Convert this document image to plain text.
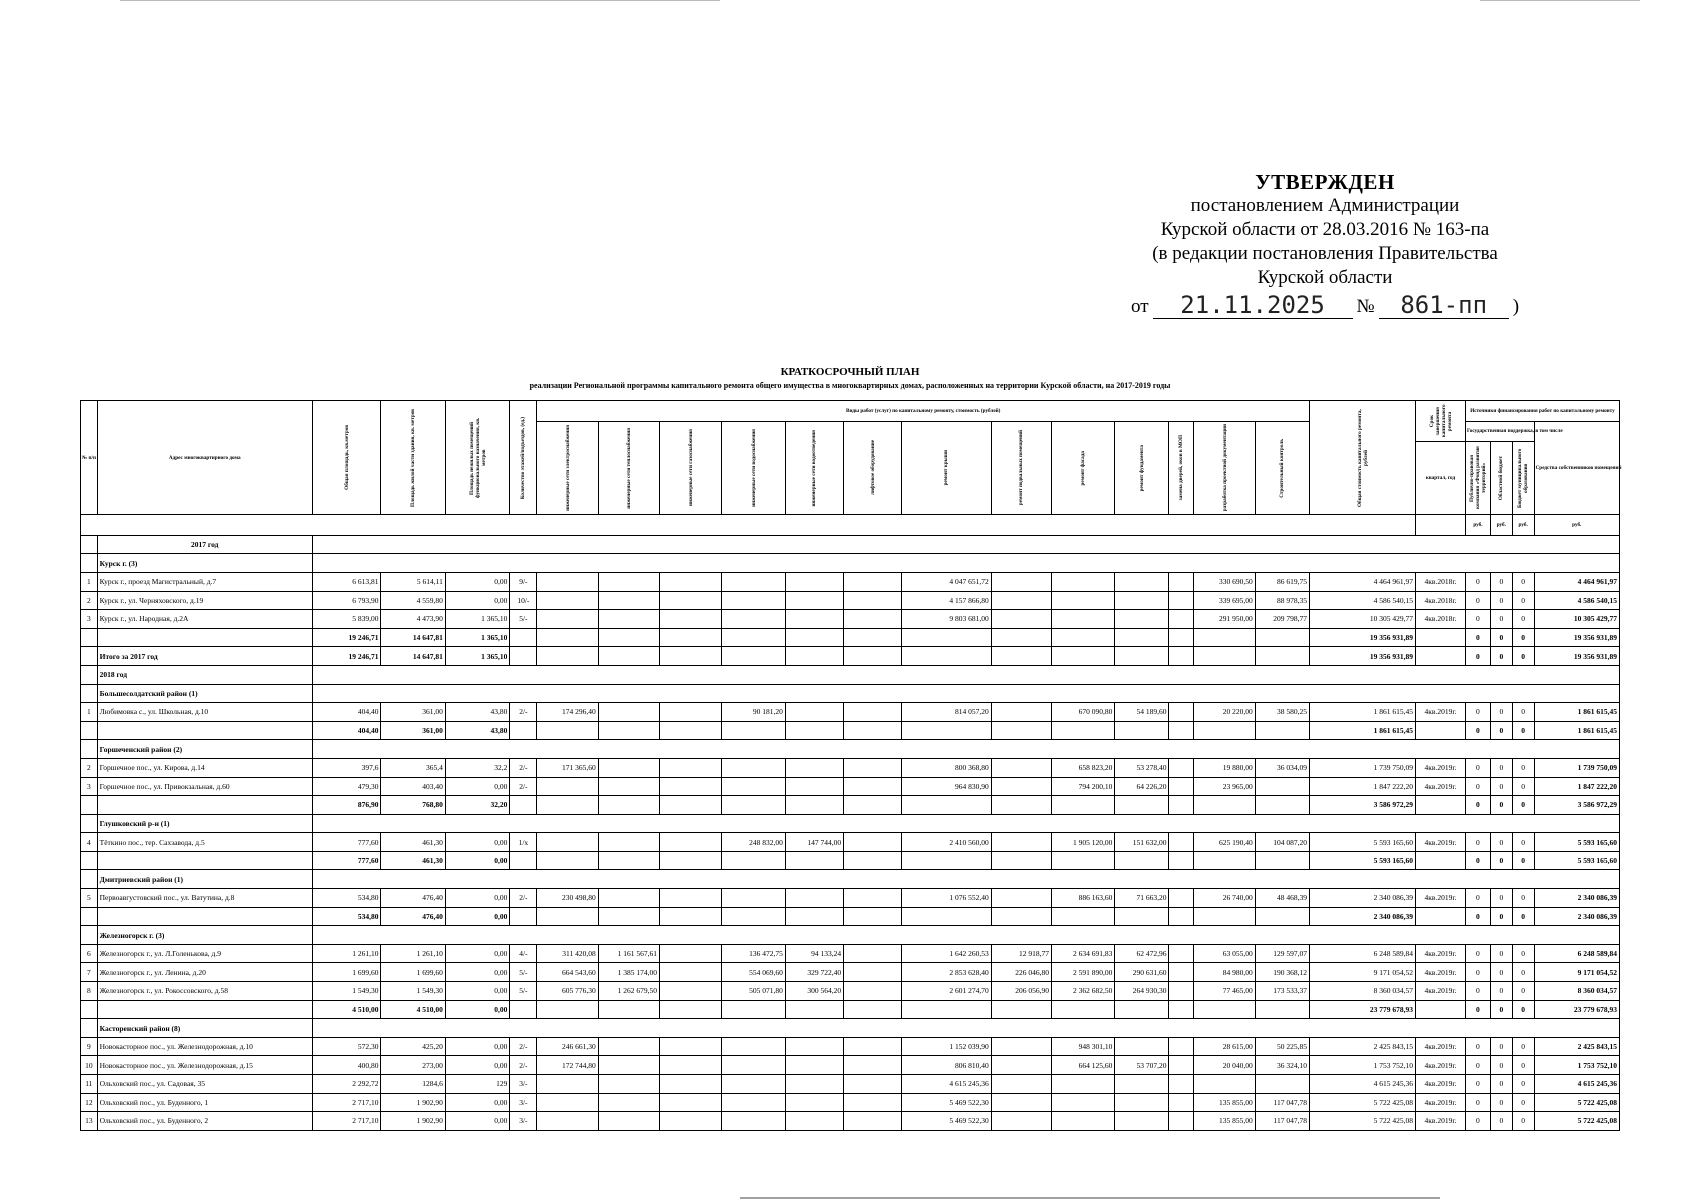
УТВЕРЖДЕН
постановлением Администрации
Курской области от 28.03.2016 № 163-па
(в редакции постановления Правительства
Курской области
от	21.11.2025	№	861-пп	)
КРАТКОСРОЧНЫЙ ПЛАН
реализации Региональной программы капитального ремонта общего имущества в многоквартирных домах, расположенных на территории Курской области, на 2017-2019 годы
№ п/п	Адрес многоквартирного дома	Общая площадь, кв.метров	Площадь жилой части здания, кв. метров	Площадь нежилых помещений функционального назначения, кв. метров	Количество этажей/подъездов, (ед.)	Виды работ (услуг) по капитальному ремонту, стоимость (рублей)													Общая стоимость капитального ремонта, рублей	Срок завершения капитального ремонта	Источники финансирования работ по капитальному ремонту			

						инженерные сети электроснабжения	инженерные сети теплоснабжения	инженерные сети газоснабжения	инженерные сети водоснабжения	инженерные сети водоотведения	лифтовое оборудование	ремонт крыши	ремонт подвальных помещений	ремонт фасада	ремонт фундамента	замена дверей, окон в МОП	разработка проектной документации	Строительный контроль			Государственная поддержка, в том числе			Средства собственников помещений
																				квартал, год	Публично-правовая компания «Фонд развития территорий»	Областной бюджет	Бюджет муниципального образования	

																					руб.	руб.	руб.	руб.
	2017 год																							
	Курск г. (3)																							
1	Курск г., проезд Магистральный, д.7	6 613,81	5 614,11	0,00	9/-							4 047 651,72					330 690,50	86 619,75	4 464 961,97	4кв.2018г.	0	0	0	4 464 961,97
2	Курск г., ул. Черняховского, д.19	6 793,90	4 559,80	0,00	10/-							4 157 866,80					339 695,00	88 978,35	4 586 540,15	4кв.2018г.	0	0	0	4 586 540,15
3	Курск г., ул. Народная, д.2А	5 839,00	4 473,90	1 365,10	5/-							9 803 681,00					291 950,00	209 798,77	10 305 429,77	4кв.2018г.	0	0	0	10 305 429,77
		19 246,71	14 647,81	1 365,10															19 356 931,89		0	0	0	19 356 931,89
	Итого за 2017 год	19 246,71	14 647,81	1 365,10															19 356 931,89		0	0	0	19 356 931,89
	2018 год																							
	Большесолдатский район (1)																							
1	Любимовка с., ул. Школьная, д.10	404,40	361,00	43,80	2/-	174 296,40			90 181,20			814 057,20		670 090,80	54 189,60		20 220,00	38 580,25	1 861 615,45	4кв.2019г.	0	0	0	1 861 615,45
		404,40	361,00	43,80															1 861 615,45		0	0	0	1 861 615,45
	Горшеченский район (2)																							
2	Горшечное пос., ул. Кирова, д.14	397,6	365,4	32,2	2/-	171 365,60						800 368,80		658 823,20	53 278,40		19 880,00	36 034,09	1 739 750,09	4кв.2019г.	0	0	0	1 739 750,09
3	Горшечное пос., ул. Привокзальная, д.60	479,30	403,40	0,00	2/-							964 830,90		794 200,10	64 226,20		23 965,00		1 847 222,20	4кв.2019г.	0	0	0	1 847 222,20
		876,90	768,80	32,20															3 586 972,29		0	0	0	3 586 972,29
	Глушковский р-н (1)																							
4	Тёткино пос., тер. Сахзавода, д.5	777,60	461,30	0,00	1/х				248 832,00	147 744,00		2 410 560,00		1 905 120,00	151 632,00		625 190,40	104 087,20	5 593 165,60	4кв.2019г.	0	0	0	5 593 165,60
		777,60	461,30	0,00															5 593 165,60		0	0	0	5 593 165,60
	Дмитриевский район (1)																							
5	Первоавгустовский пос., ул. Ватутина, д.8	534,80	476,40	0,00	2/-	230 498,80						1 076 552,40		886 163,60	71 663,20		26 740,00	48 468,39	2 340 086,39	4кв.2019г.	0	0	0	2 340 086,39
		534,80	476,40	0,00															2 340 086,39		0	0	0	2 340 086,39
	Железногорск г. (3)																							
6	Железногорск г., ул. Л.Голенькова, д.9	1 261,10	1 261,10	0,00	4/-	311 420,08	1 161 567,61		136 472,75	94 133,24		1 642 260,53	12 918,77	2 634 691,83	62 472,96		63 055,00	129 597,07	6 248 589,84	4кв.2019г.	0	0	0	6 248 589,84
7	Железногорск г., ул. Ленина, д.20	1 699,60	1 699,60	0,00	5/-	664 543,60	1 385 174,00		554 069,60	329 722,40		2 853 628,40	226 046,80	2 591 890,00	290 631,60		84 980,00	190 368,12	9 171 054,52	4кв.2019г.	0	0	0	9 171 054,52
8	Железногорск г., ул. Рокоссовского, д.58	1 549,30	1 549,30	0,00	5/-	605 776,30	1 262 679,50		505 071,80	300 564,20		2 601 274,70	206 056,90	2 362 682,50	264 930,30		77 465,00	173 533,37	8 360 034,57	4кв.2019г.	0	0	0	8 360 034,57
		4 510,00	4 510,00	0,00															23 779 678,93		0	0	0	23 779 678,93
	Касторенский район (8)																							
9	Новокасторное пос., ул. Железнодорожная, д.10	572,30	425,20	0,00	2/-	246 661,30						1 152 039,90		948 301,10			28 615,00	50 225,85	2 425 843,15	4кв.2019г.	0	0	0	2 425 843,15
10	Новокасторное пос., ул. Железнодорожная, д.15	400,80	273,00	0,00	2/-	172 744,80						806 810,40		664 125,60	53 707,20		20 040,00	36 324,10	1 753 752,10	4кв.2019г.	0	0	0	1 753 752,10
11	Ольховский пос., ул. Садовая, 35	2 292,72	1284,6	129	3/-							4 615 245,36							4 615 245,36	4кв.2019г.	0	0	0	4 615 245,36
12	Ольховский пос., ул. Буденного, 1	2 717,10	1 902,90	0,00	3/-							5 469 522,30					135 855,00	117 047,78	5 722 425,08	4кв.2019г.	0	0	0	5 722 425,08
13	Ольховский пос., ул. Буденного, 2	2 717,10	1 902,90	0,00	3/-							5 469 522,30					135 855,00	117 047,78	5 722 425,08	4кв.2019г.	0	0	0	5 722 425,08
